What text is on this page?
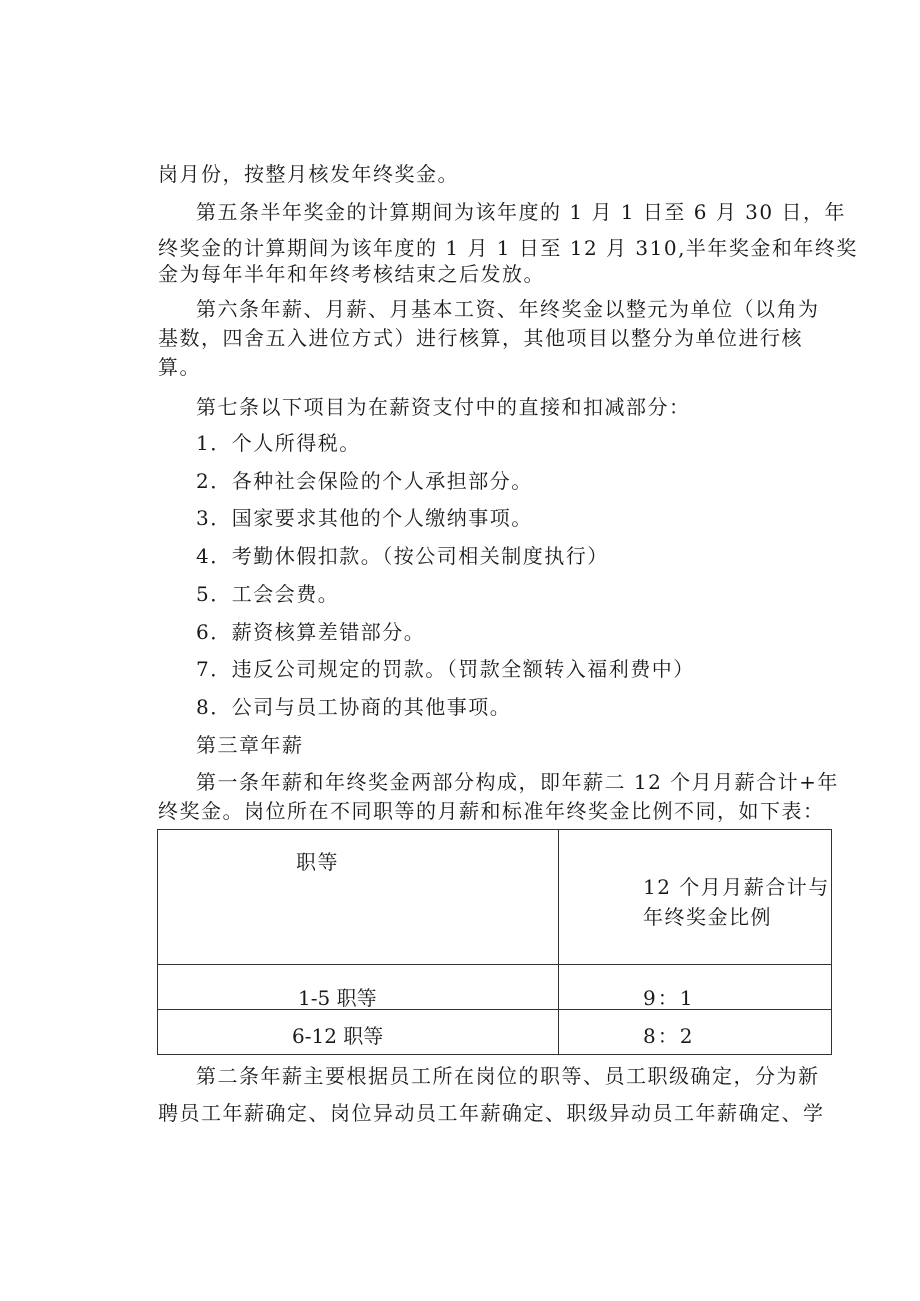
岗月份，按整月核发年终奖金。
第五条半年奖金的计算期间为该年度的 1 月 1 日至 6 月 30 日，年
终奖金的计算期间为该年度的 1 月 1 日至 12 月 310,半年奖金和年终奖
金为每年半年和年终考核结束之后发放。
第六条年薪、月薪、月基本工资、年终奖金以整元为单位（以角为
基数，四舍五入进位方式）进行核算，其他项目以整分为单位进行核
算。
第七条以下项目为在薪资支付中的直接和扣减部分：
1．个人所得税。
2．各种社会保险的个人承担部分。
3．国家要求其他的个人缴纳事项。
4．考勤休假扣款。（按公司相关制度执行）
5．工会会费。
6．薪资核算差错部分。
7．违反公司规定的罚款。（罚款全额转入福利费中）
8．公司与员工协商的其他事项。
第三章年薪
第一条年薪和年终奖金两部分构成，即年薪二 12 个月月薪合计+年
终奖金。岗位所在不同职等的月薪和标准年终奖金比例不同，如下表：
职等	12 个月月薪合计与
年终奖金比例

1-5 职等	9：1

6-12 职等	8：2
第二条年薪主要根据员工所在岗位的职等、员工职级确定，分为新
聘员工年薪确定、岗位异动员工年薪确定、职级异动员工年薪确定、学
